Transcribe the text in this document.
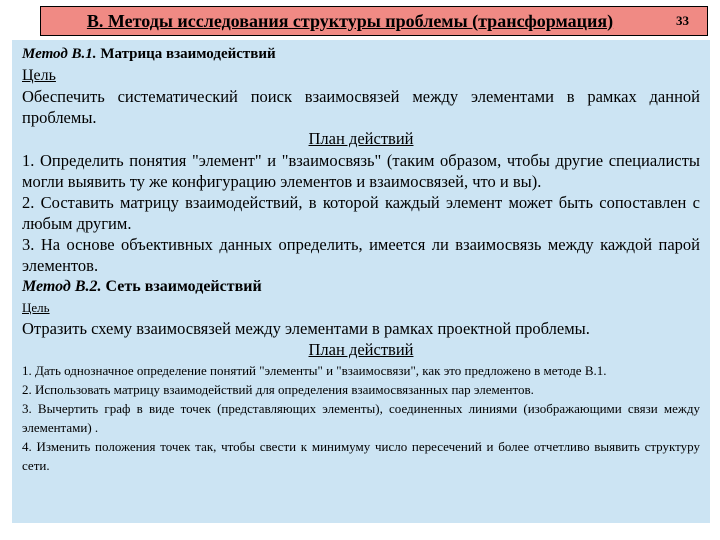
В. Методы исследования структуры проблемы (трансформация)	33

Метод В.1. Матрица взаимодействий

Цель

Обеспечить систематический поиск взаимосвязей между элементами в рамках данной проблемы.

План действий

1. Определить понятия "элемент" и "взаимосвязь" (таким образом, чтобы другие специалисты могли выявить ту же конфигурацию элементов и взаимосвязей, что и вы).

2. Составить матрицу взаимодействий, в которой каждый элемент может быть сопоставлен с любым другим.

3. На основе объективных данных определить, имеется ли взаимосвязь между каждой парой элементов.

Метод В.2. Сеть взаимодействий

Цель

Отразить схему взаимосвязей между элементами в рамках проектной проблемы.

План действий

1. Дать однозначное определение понятий "элементы" и "взаимосвязи", как это предложено в методе В.1.

2. Использовать матрицу взаимодействий для определения взаимосвязанных пар элементов.

3. Вычертить граф в виде точек (представляющих элементы), соединенных линиями (изображающими связи между элементами) .

4. Изменить положения точек так, чтобы свести к минимуму число пересечений и более отчетливо выявить структуру сети.
